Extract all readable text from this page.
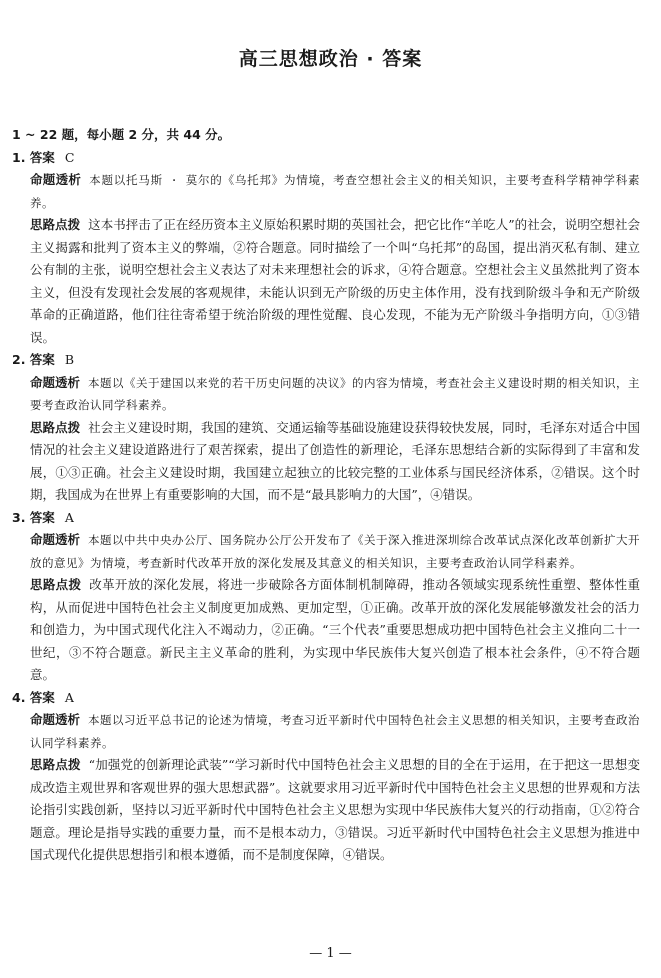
高三思想政治 · 答案
1 ~ 22 题，每小题 2 分，共 44 分。
1. 答案 C
命题透析 本题以托马斯 · 莫尔的《乌托邦》为情境，考查空想社会主义的相关知识，主要考查科学精神学科素养。
思路点拨 这本书抨击了正在经历资本主义原始积累时期的英国社会，把它比作“羊吃人”的社会，说明空想社会主义揭露和批判了资本主义的弊端，②符合题意。同时描绘了一个叫“乌托邦”的岛国，提出消灭私有制、建立公有制的主张，说明空想社会主义表达了对未来理想社会的诉求，④符合题意。空想社会主义虽然批判了资本主义，但没有发现社会发展的客观规律，未能认识到无产阶级的历史主体作用，没有找到阶级斗争和无产阶级革命的正确道路，他们往往寄希望于统治阶级的理性觉醒、良心发现，不能为无产阶级斗争指明方向，①③错误。
2. 答案 B
命题透析 本题以《关于建国以来党的若干历史问题的决议》的内容为情境，考查社会主义建设时期的相关知识，主要考查政治认同学科素养。
思路点拨 社会主义建设时期，我国的建筑、交通运输等基础设施建设获得较快发展，同时，毛泽东对适合中国情况的社会主义建设道路进行了艰苦探索，提出了创造性的新理论，毛泽东思想结合新的实际得到了丰富和发展，①③正确。社会主义建设时期，我国建立起独立的比较完整的工业体系与国民经济体系，②错误。这个时期，我国成为在世界上有重要影响的大国，而不是“最具影响力的大国”，④错误。
3. 答案 A
命题透析 本题以中共中央办公厅、国务院办公厅公开发布了《关于深入推进深圳综合改革试点深化改革创新扩大开放的意见》为情境，考查新时代改革开放的深化发展及其意义的相关知识，主要考查政治认同学科素养。
思路点拨 改革开放的深化发展，将进一步破除各方面体制机制障碍，推动各领域实现系统性重塑、整体性重构，从而促进中国特色社会主义制度更加成熟、更加定型，①正确。改革开放的深化发展能够激发社会的活力和创造力，为中国式现代化注入不竭动力，②正确。“三个代表”重要思想成功把中国特色社会主义推向二十一世纪，③不符合题意。新民主主义革命的胜利，为实现中华民族伟大复兴创造了根本社会条件，④不符合题意。
4. 答案 A
命题透析 本题以习近平总书记的论述为情境，考查习近平新时代中国特色社会主义思想的相关知识，主要考查政治认同学科素养。
思路点拨 “加强党的创新理论武装”“学习新时代中国特色社会主义思想的目的全在于运用，在于把这一思想变成改造主观世界和客观世界的强大思想武器”。这就要求用习近平新时代中国特色社会主义思想的世界观和方法论指引实践创新，坚持以习近平新时代中国特色社会主义思想为实现中华民族伟大复兴的行动指南，①②符合题意。理论是指导实践的重要力量，而不是根本动力，③错误。习近平新时代中国特色社会主义思想为推进中国式现代化提供思想指引和根本遵循，而不是制度保障，④错误。
— 1 —
